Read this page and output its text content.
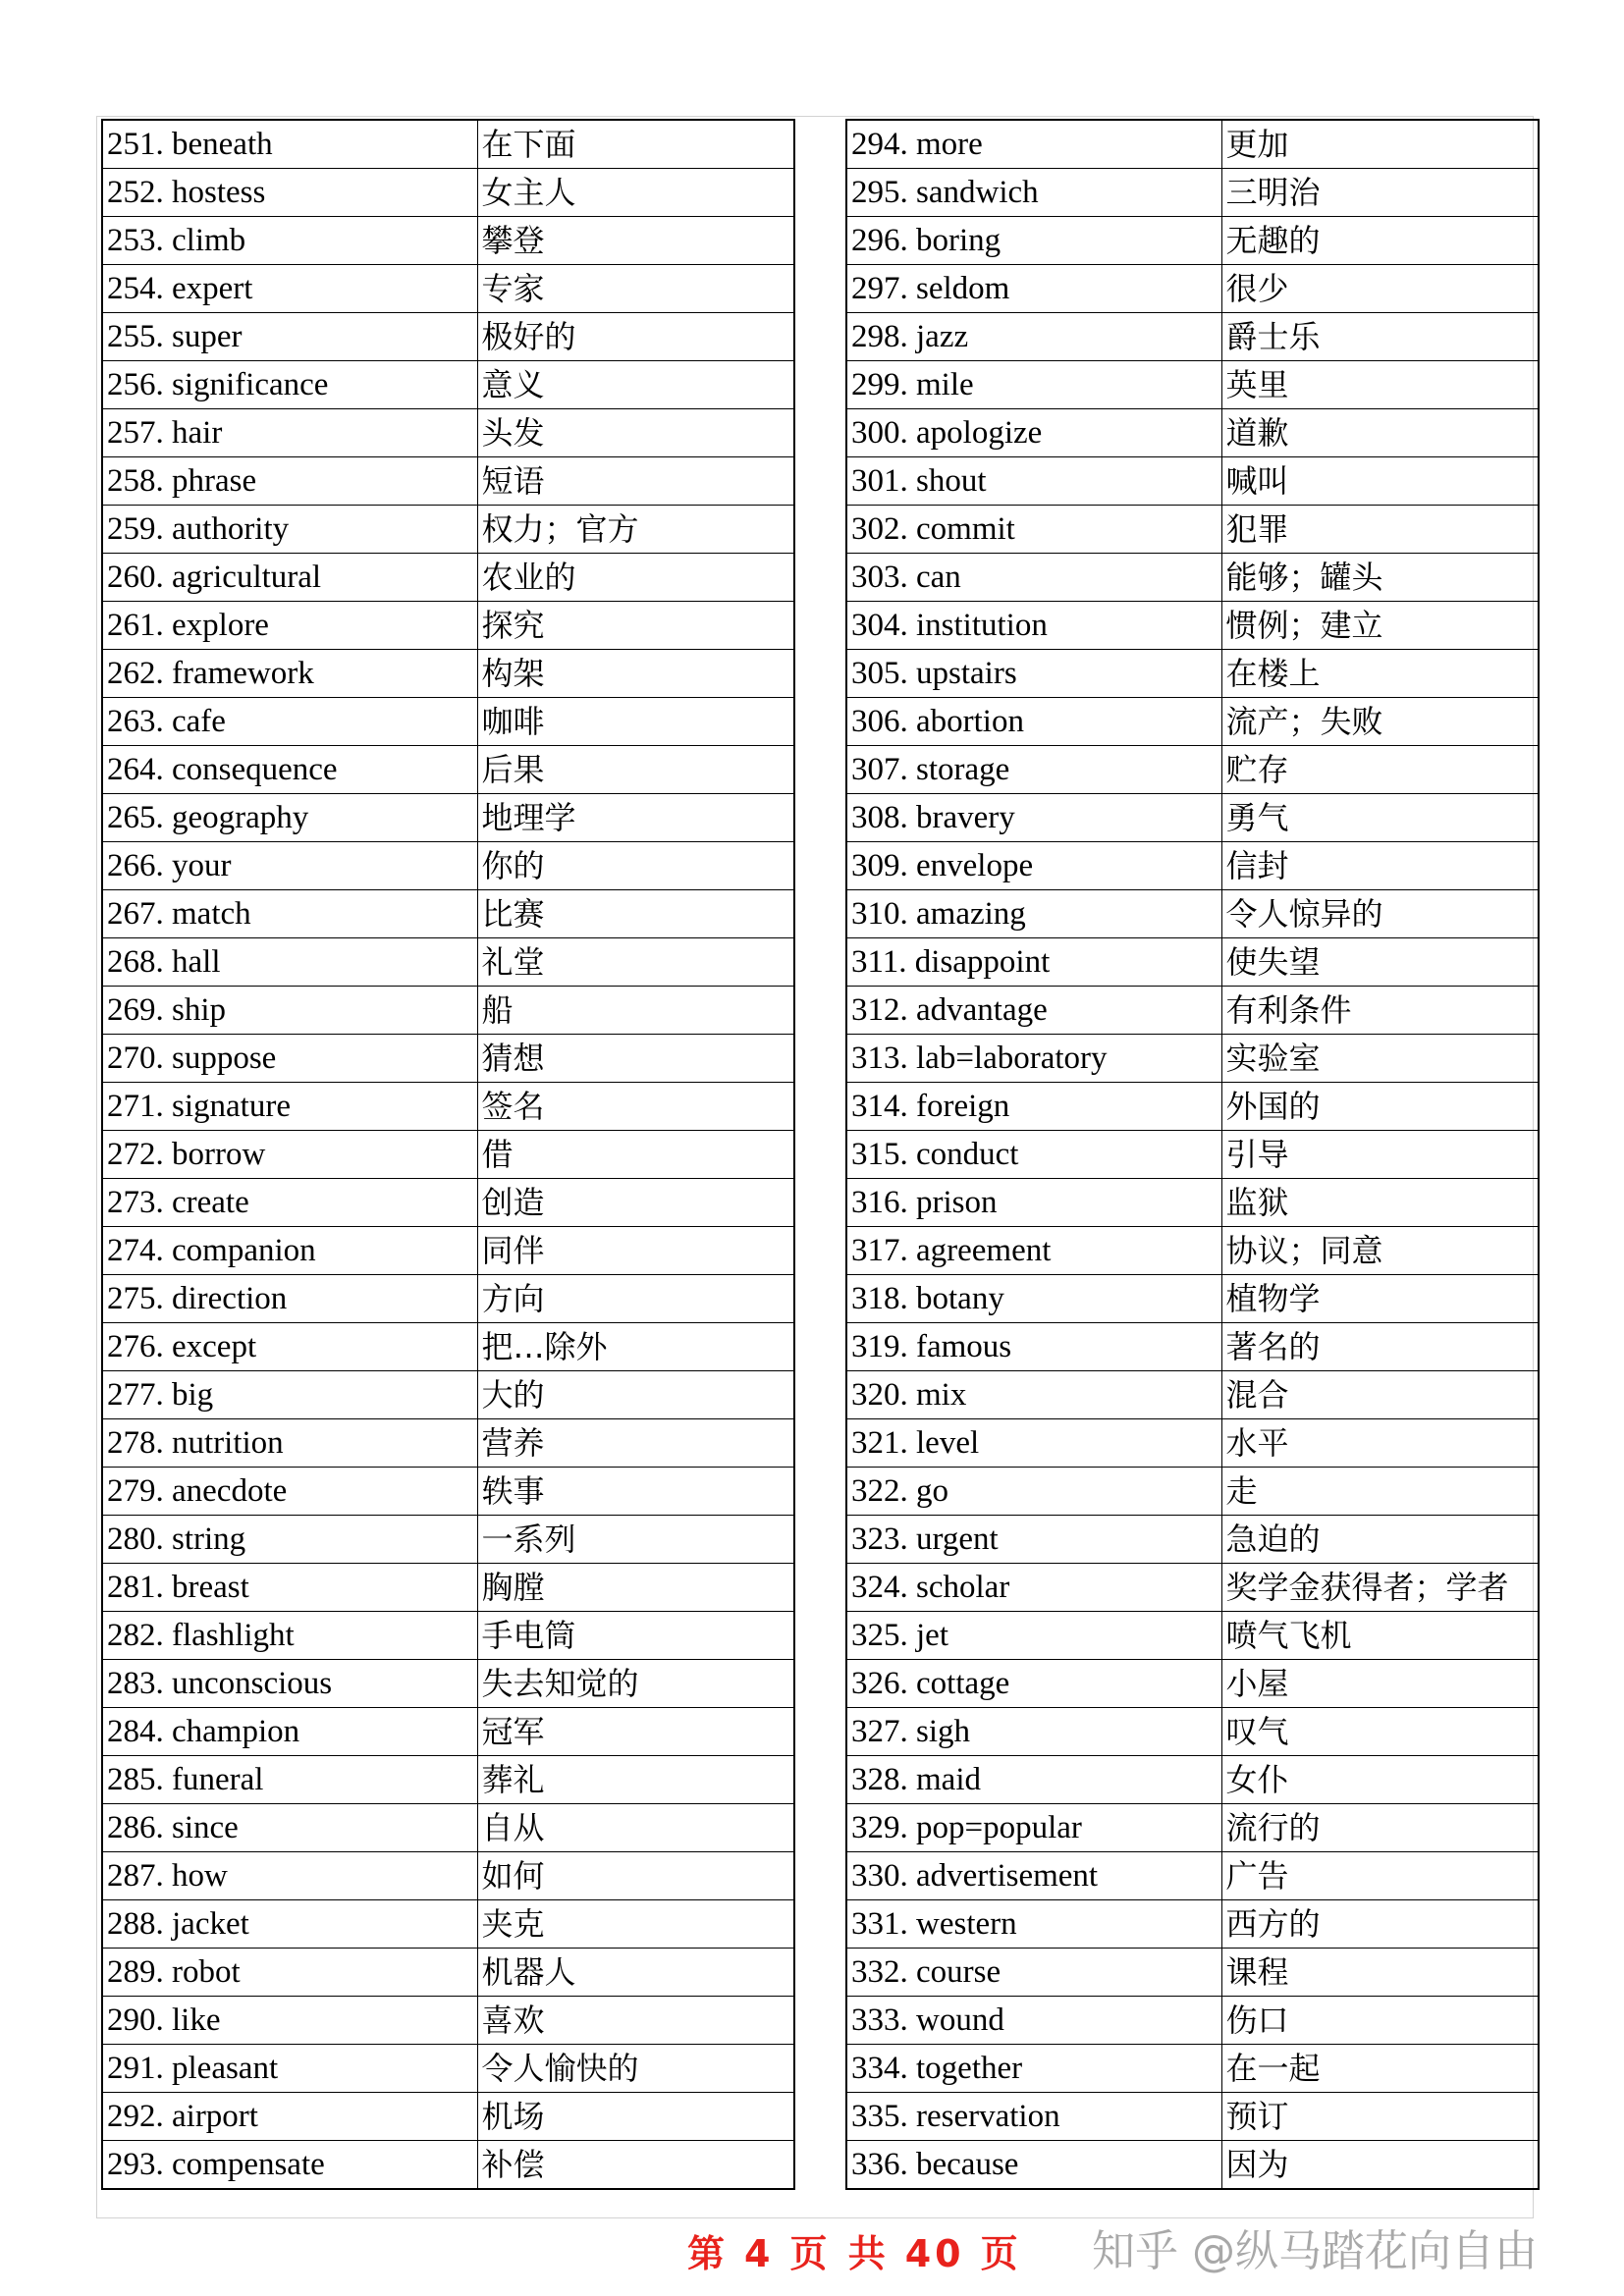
251. beneath	在下面
252. hostess	女主人
253. climb	攀登
254. expert	专家
255. super	极好的
256. significance	意义
257. hair	头发
258. phrase	短语
259. authority	权力；官方
260. agricultural	农业的
261. explore	探究
262. framework	构架
263. cafe	咖啡
264. consequence	后果
265. geography	地理学
266. your	你的
267. match	比赛
268. hall	礼堂
269. ship	船
270. suppose	猜想
271. signature	签名
272. borrow	借
273. create	创造
274. companion	同伴
275. direction	方向
276. except	把…除外
277. big	大的
278. nutrition	营养
279. anecdote	轶事
280. string	一系列
281. breast	胸膛
282. flashlight	手电筒
283. unconscious	失去知觉的
284. champion	冠军
285. funeral	葬礼
286. since	自从
287. how	如何
288. jacket	夹克
289. robot	机器人
290. like	喜欢
291. pleasant	令人愉快的
292. airport	机场
293. compensate	补偿
294. more	更加
295. sandwich	三明治
296. boring	无趣的
297. seldom	很少
298. jazz	爵士乐
299. mile	英里
300. apologize	道歉
301. shout	喊叫
302. commit	犯罪
303. can	能够；罐头
304. institution	惯例；建立
305. upstairs	在楼上
306. abortion	流产；失败
307. storage	贮存
308. bravery	勇气
309. envelope	信封
310. amazing	令人惊异的
311. disappoint	使失望
312. advantage	有利条件
313. lab=laboratory	实验室
314. foreign	外国的
315. conduct	引导
316. prison	监狱
317. agreement	协议；同意
318. botany	植物学
319. famous	著名的
320. mix	混合
321. level	水平
322. go	走
323. urgent	急迫的
324. scholar	奖学金获得者；学者
325. jet	喷气飞机
326. cottage	小屋
327. sigh	叹气
328. maid	女仆
329. pop=popular	流行的
330. advertisement	广告
331. western	西方的
332. course	课程
333. wound	伤口
334. together	在一起
335. reservation	预订
336. because	因为
第 4 页 共 40 页 知乎 @纵马踏花向自由
